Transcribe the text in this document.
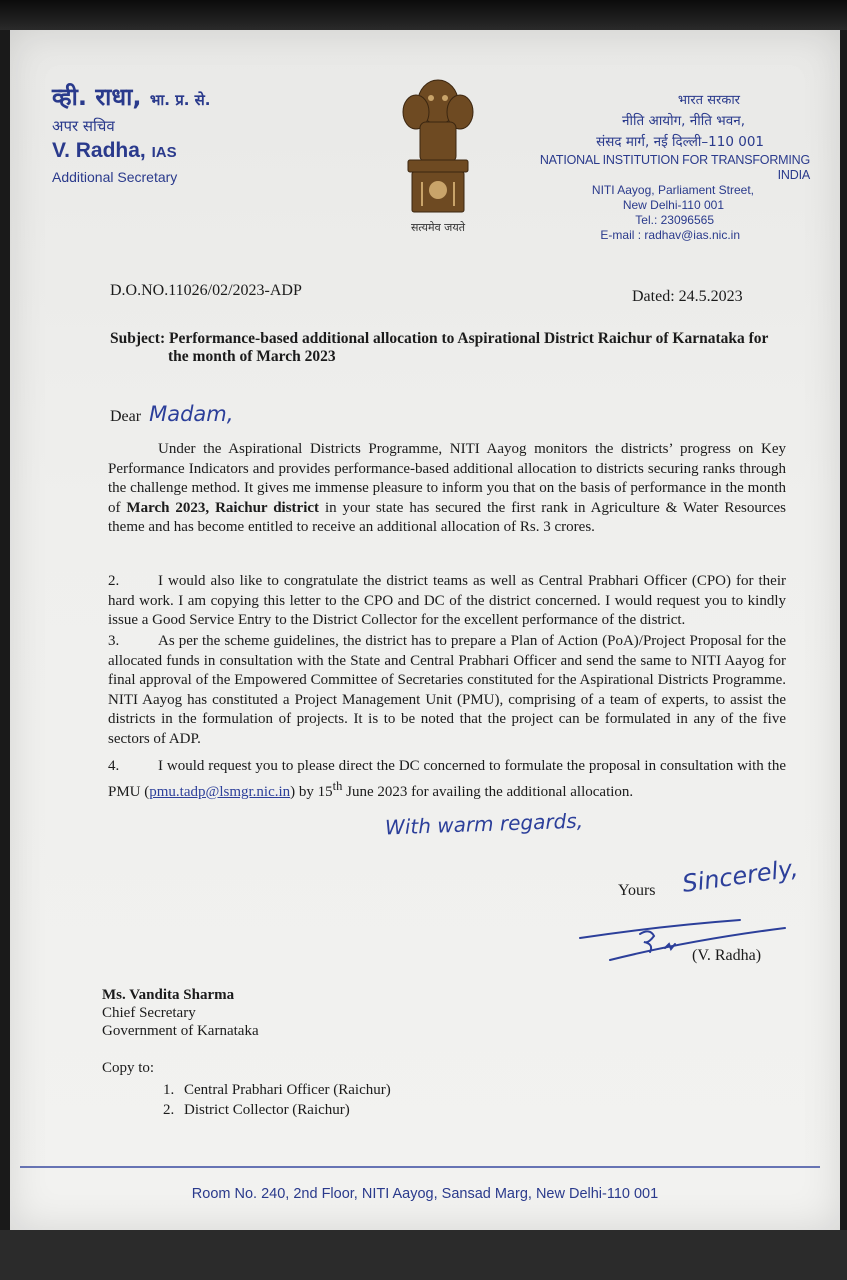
व्ही. राधा, भा. प्र. से.
अपर सचिव
V. Radha, IAS
Additional Secretary
सत्यमेव जयते
भारत सरकार
नीति आयोग, नीति भवन,
संसद मार्ग, नई दिल्ली–110 001
NATIONAL INSTITUTION FOR TRANSFORMING INDIA
NITI Aayog, Parliament Street,
New Delhi-110 001
Tel.: 23096565
E-mail : radhav@ias.nic.in
D.O.NO.11026/02/2023-ADP	Dated: 24.5.2023
Subject: Performance-based additional allocation to Aspirational District Raichur of Karnataka for
the month of March 2023
Dear Madam,
Under the Aspirational Districts Programme, NITI Aayog monitors the districts’ progress on Key Performance Indicators and provides performance-based additional allocation to districts securing ranks through the challenge method. It gives me immense pleasure to inform you that on the basis of performance in the month of March 2023, Raichur district in your state has secured the first rank in Agriculture & Water Resources theme and has become entitled to receive an additional allocation of Rs. 3 crores.
2.	I would also like to congratulate the district teams as well as Central Prabhari Officer (CPO) for their hard work. I am copying this letter to the CPO and DC of the district concerned. I would request you to kindly issue a Good Service Entry to the District Collector for the excellent performance of the district.
3.	As per the scheme guidelines, the district has to prepare a Plan of Action (PoA)/Project Proposal for the allocated funds in consultation with the State and Central Prabhari Officer and send the same to NITI Aayog for final approval of the Empowered Committee of Secretaries constituted for the Aspirational Districts Programme. NITI Aayog has constituted a Project Management Unit (PMU), comprising of a team of experts, to assist the districts in the formulation of projects. It is to be noted that the project can be formulated in any of the five sectors of ADP.
4.	I would request you to please direct the DC concerned to formulate the proposal in consultation with the PMU (pmu.tadp@lsmgr.nic.in) by 15th June 2023 for availing the additional allocation.
With warm regards,
Yours Sincerely,
(V. Radha)
Ms. Vandita Sharma
Chief Secretary
Government of Karnataka
Copy to:
1. Central Prabhari Officer (Raichur)
2. District Collector (Raichur)
Room No. 240, 2nd Floor, NITI Aayog, Sansad Marg, New Delhi-110 001
